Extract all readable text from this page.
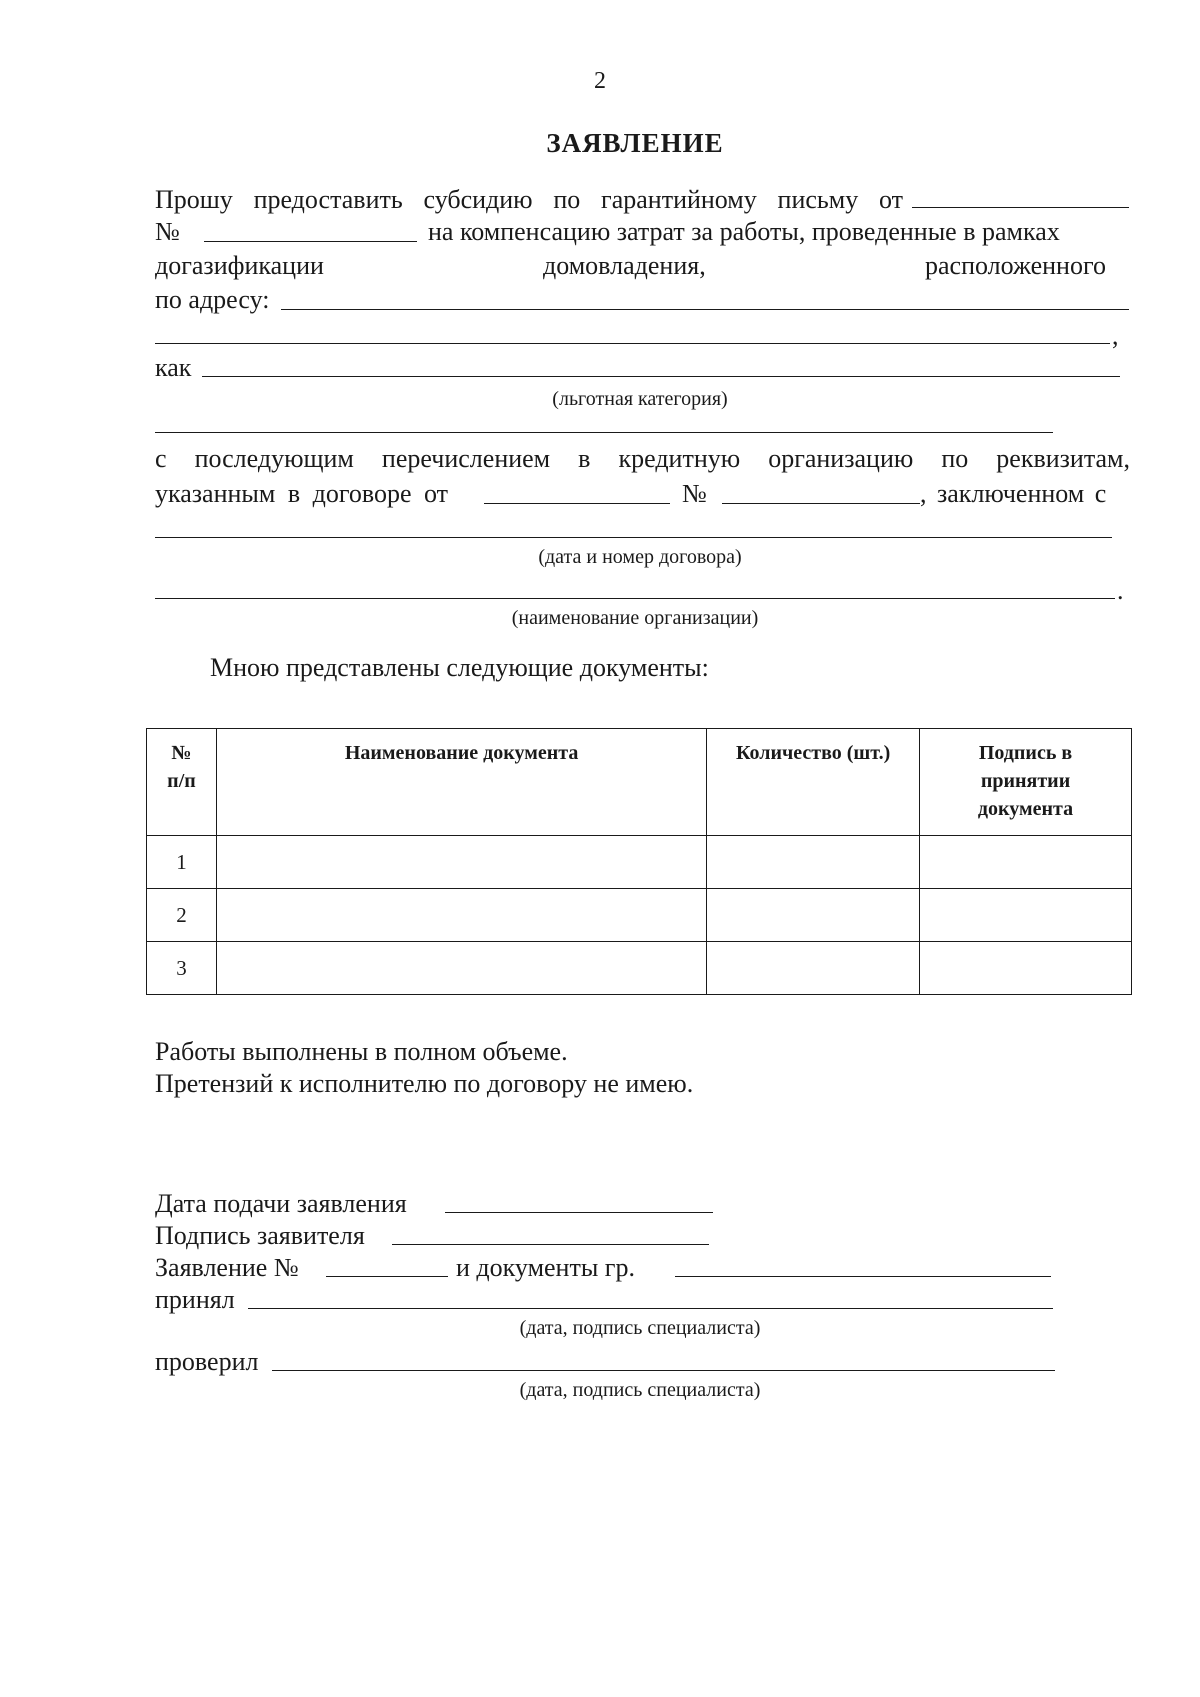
2
ЗАЯВЛЕНИЕ
Прошу предоставить субсидию по гарантийному письму от
№	на компенсацию затрат за работы, проведенные в рамках
догазификации	домовладения,	расположенного
по адресу:
,
как
(льготная категория)
с последующим перечислением в кредитную организацию по реквизитам,
указанным в договоре от	№	, заключенном с
(дата и номер договора)
.
(наименование организации)
Мною представлены следующие документы:
№ п/п	Наименование документа	Количество (шт.)	Подпись в принятии документа
1			
2			
3			
Работы выполнены в полном объеме.
Претензий к исполнителю по договору не имею.
Дата подачи заявления
Подпись заявителя
Заявление №	и документы гр.
принял
(дата, подпись специалиста)
проверил
(дата, подпись специалиста)
